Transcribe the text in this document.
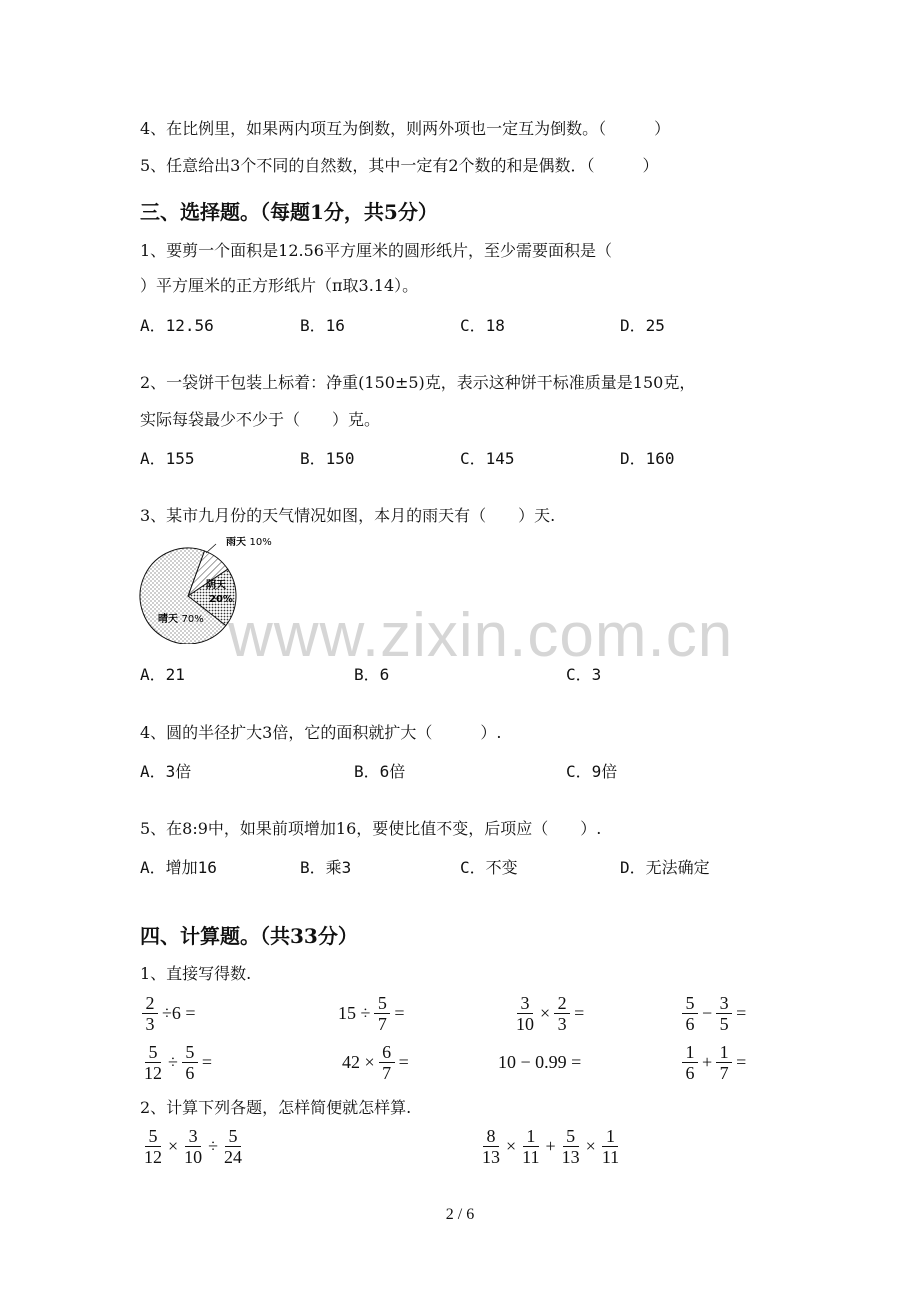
4、在比例里，如果两内项互为倒数，则两外项也一定互为倒数。（　　　）
5、任意给出3个不同的自然数，其中一定有2个数的和是偶数．（　　　）
三、选择题。（每题1分，共5分）
1、要剪一个面积是12.56平方厘米的圆形纸片，至少需要面积是（
）平方厘米的正方形纸片（π取3.14）。
A．12.56	B．16	C．18	D．25
2、一袋饼干包装上标着：净重(150±5)克，表示这种饼干标准质量是150克，
实际每袋最少不少于（　　）克。
A．155	B．150	C．145	D．160
3、某市九月份的天气情况如图，本月的雨天有（　　）天.
雨天 10%
阴天
20%
晴天 70% www.zixin.com.cn
A．21	B．6	C．3
4、圆的半径扩大3倍，它的面积就扩大（　　　）.
A．3倍	B．6倍	C．9倍
5、在8:9中，如果前项增加16，要使比值不变，后项应（　　）.
A．增加16	B．乘3	C．不变	D．无法确定
四、计算题。（共33分）
1、直接写得数.
$\frac{2}{3} \div 6$ =	$15 \div \frac{5}{7}$ =	$\frac{3}{10} \times \frac{2}{3}$ =	$\frac{5}{6} - \frac{3}{5}$ =
$\frac{5}{12} \div \frac{5}{6}$ =	$42 \times \frac{6}{7}$ =	10 − 0.99 =	$\frac{1}{6} + \frac{1}{7}$ =
2、计算下列各题，怎样简便就怎样算.
$\frac{5}{12} \times \frac{3}{10} \div \frac{5}{24}$	$\frac{8}{13} \times \frac{1}{11} + \frac{5}{13} \times \frac{1}{11}$
2 / 6
